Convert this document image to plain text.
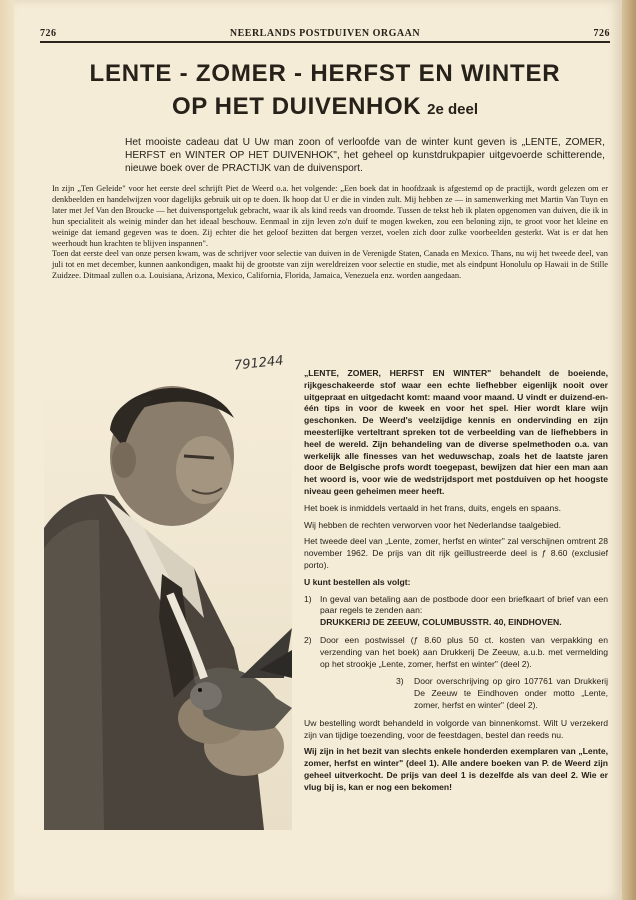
726	NEERLANDS POSTDUIVEN ORGAAN	726
LENTE - ZOMER - HERFST EN WINTER
OP HET DUIVENHOK 2e deel
Het mooiste cadeau dat U Uw man zoon of verloofde van de winter kunt geven is „LENTE, ZOMER, HERFST en WINTER OP HET DUIVENHOK", het geheel op kunstdrukpapier uitgevoerde schitterende, nieuwe boek over de PRACTIJK van de duivensport.

In zijn „Ten Geleide" voor het eerste deel schrijft Piet de Weerd o.a. het volgende: „Een boek dat in hoofdzaak is afgestemd op de practijk, wordt gelezen om er denkbeelden en handelwijzen voor dagelijks gebruik uit op te doen. Ik hoop dat U er die in vinden zult. Mij hebben ze — in samenwerking met Martin Van Tuyn en later met Jef Van den Broucke — het duivensportgeluk gebracht, waar ik als kind reeds van droomde. Tussen de tekst heb ik platen opgenomen van duiven, die ik in hun specialiteit als weinig minder dan het ideaal beschouw. Eenmaal in zijn leven zo'n duif te mogen kweken, zou een beloning zijn, te groot voor het kleine en weinige dat iemand gegeven was te doen. Zij echter die het geloof bezitten dat bergen verzet, voelen zich door zulke voorbeelden gesterkt. Wat is er dat hen weerhoudt hun krachten te blijven inspannen".

Toen dat eerste deel van onze persen kwam, was de schrijver voor selectie van duiven in de Verenigde Staten, Canada en Mexico. Thans, nu wij het tweede deel, van juli tot en met december, kunnen aankondigen, maakt hij de grootste van zijn wereldreizen voor selectie en studie, met als eindpunt Honolulu op Hawaii in de Stille Zuidzee. Ditmaal zullen o.a. Louisiana, Arizona, Mexico, California, Florida, Jamaica, Venezuela enz. worden aangedaan.

791244 „LENTE, ZOMER, HERFST EN WINTER" behandelt de boeiende, rijkgeschakeerde stof waar een echte liefhebber eigenlijk nooit over uitgepraat en uitgedacht komt: maand voor maand. U vindt er duizend-en-één tips in voor de kweek en voor het spel. Hier wordt klare wijn geschonken. De Weerd's veelzijdige kennis en ondervinding en zijn meesterlijke verteltrant spreken tot de verbeelding van de liefhebbers in heel de wereld. Zijn behandeling van de diverse spelmethoden o.a. van werkelijk alle finesses van het weduwschap, zoals het de laatste jaren door de Belgische profs wordt toegepast, bewijzen dat hier een man aan het woord is, voor wie de wedstrijdsport met postduiven op het hoogste niveau geen geheimen meer heeft.

Het boek is inmiddels vertaald in het frans, duits, engels en spaans.

Wij hebben de rechten verworven voor het Nederlandse taalgebied.

Het tweede deel van „Lente, zomer, herfst en winter" zal verschijnen omtrent 28 november 1962. De prijs van dit rijk geïllustreerde deel is ƒ 8.60 (exclusief porto).

U kunt bestellen als volgt:

1) In geval van betaling aan de postbode door een briefkaart of brief van een paar regels te zenden aan:
DRUKKERIJ DE ZEEUW, COLUMBUSSTR. 40, EINDHOVEN.
2) Door een postwissel (ƒ 8.60 plus 50 ct. kosten van verpakking en verzending van het boek) aan Drukkerij De Zeeuw, a.u.b. met vermelding op het strookje „Lente, zomer, herfst en winter" (deel 2).
3) Door overschrijving op giro 107761 van Drukkerij De Zeeuw te Eindhoven onder motto „Lente, zomer, herfst en winter" (deel 2).

Uw bestelling wordt behandeld in volgorde van binnenkomst. Wilt U verzekerd zijn van tijdige toezending, voor de feestdagen, bestel dan reeds nu.

Wij zijn in het bezit van slechts enkele honderden exemplaren van „Lente, zomer, herfst en winter" (deel 1). Alle andere boeken van P. de Weerd zijn geheel uitverkocht. De prijs van deel 1 is dezelfde als van deel 2. Wie er vlug bij is, kan er nog een bekomen!
